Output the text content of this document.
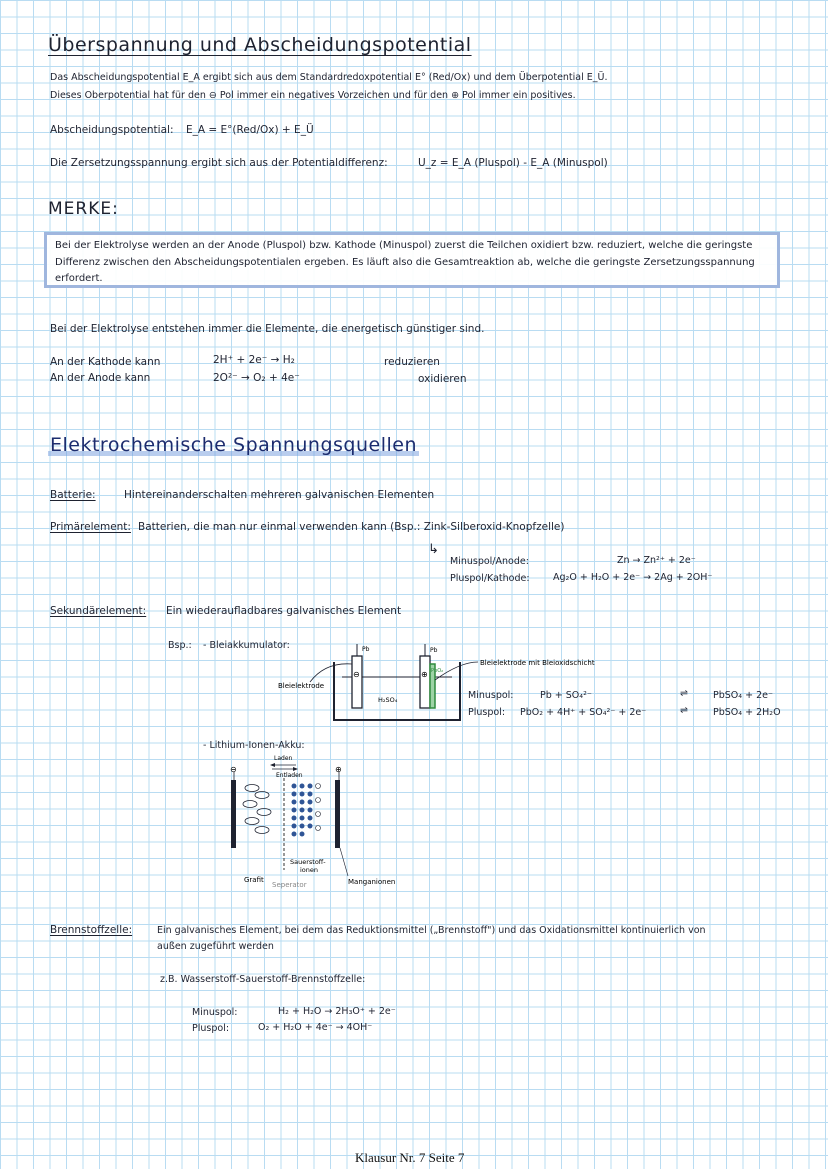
Überspannung und Abscheidungspotential
Das Abscheidungspotential E_A ergibt sich aus dem Standardredoxpotential E° (Red/Ox) und dem Überpotential E_Ü.
Dieses Oberpotential hat für den ⊖ Pol immer ein negatives Vorzeichen und für den ⊕ Pol immer ein positives.
Abscheidungspotential: E_A = E°(Red/Ox) + E_Ü
Die Zersetzungsspannung ergibt sich aus der Potentialdifferenz:	U_z = E_A (Pluspol) - E_A (Minuspol)
MERKE:
Bei der Elektrolyse werden an der Anode (Pluspol) bzw. Kathode (Minuspol) zuerst die Teilchen oxidiert bzw. reduziert, welche die geringste Differenz zwischen den Abscheidungspotentialen ergeben. Es läuft also die Gesamtreaktion ab, welche die geringste Zersetzungsspannung erfordert.
Bei der Elektrolyse entstehen immer die Elemente, die energetisch günstiger sind.
An der Kathode kann	2H⁺ + 2e⁻ → H₂	reduzieren
An der Anode kann	2O²⁻ → O₂ + 4e⁻	oxidieren
Elektrochemische Spannungsquellen
Batterie:	Hintereinanderschalten mehreren galvanischen Elementen
Primärelement: Batterien, die man nur einmal verwenden kann (Bsp.: Zink-Silberoxid-Knopfzelle)
↳
Minuspol/Anode:	Zn → Zn²⁺ + 2e⁻
Pluspol/Kathode: Ag₂O + H₂O + 2e⁻ → 2Ag + 2OH⁻
Sekundärelement: Ein wiederaufladbares galvanisches Element
Bsp.: - Bleiakkumulator:	Pb	Pb
PbO₂
⊖	⊕
H₂SO₄
Bleielektrode
Bleielektrode mit Bleioxidschicht
Minuspol:	Pb + SO₄²⁻	⇌	PbSO₄ + 2e⁻
Pluspol: PbO₂ + 4H⁺ + SO₄²⁻ + 2e⁻	⇌	PbSO₄ + 2H₂O
- Lithium-Ionen-Akku:
Laden
Entladen
⊖	⊕
Sauerstoff-
ionen
Grafit
Seperator	Manganionen
Brennstoffzelle:	Ein galvanisches Element, bei dem das Reduktionsmittel („Brennstoff") und das Oxidationsmittel kontinuierlich von
außen zugeführt werden
z.B. Wasserstoff-Sauerstoff-Brennstoffzelle:
Minuspol:	H₂ + H₂O → 2H₃O⁺ + 2e⁻
Pluspol:	O₂ + H₂O + 4e⁻ → 4OH⁻
Klausur Nr. 7 Seite 7
